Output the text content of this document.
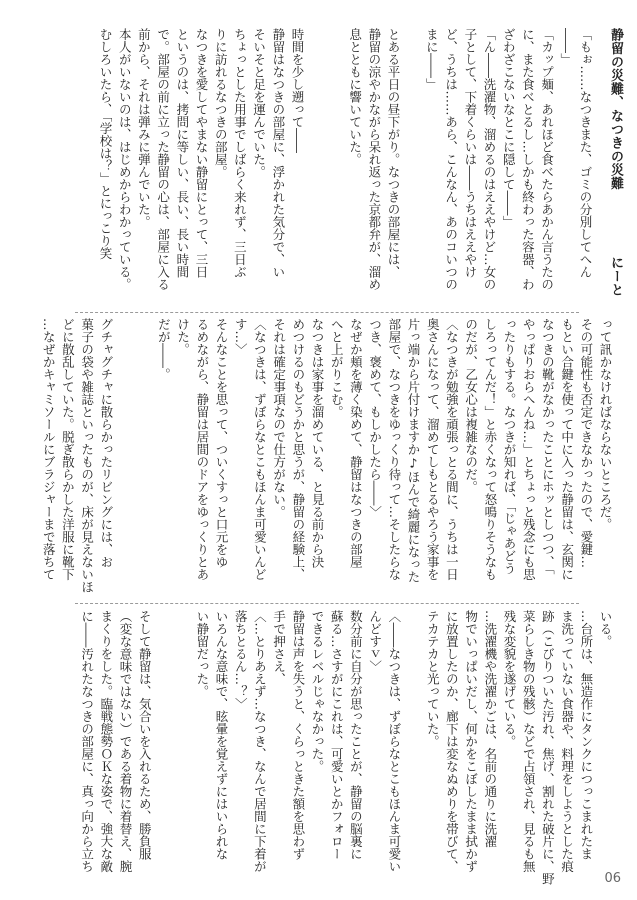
静留の災難、なつきの災難
にーと
「もぉ……なつきまた、ゴミの分別してへん
――」
「カップ麺、あれほど食べたらあかん言うたの
に、また食べとるし…しかも終わった容器、わ
ざわざこないなとこに隠して――」
「ん――洗濯物、溜めるのはええやけど…女の
子として、下着くらいは――うちはええやけ
ど、うちは……あら、こんなん、あのコいつの
まに――」
とある平日の昼下がり。なつきの部屋には、
静留の涼やかながら呆れ返った京都弁が、溜め
息とともに響いていた。
時間を少し遡って――
静留はなつきの部屋に、浮かれた気分で、い
そいそと足を運んでいた。
ちょっとした用事でしばらく来れず、三日ぶ
りに訪れるなつきの部屋。
なつきを愛してやまない静留にとって、三日
というのは、拷問に等しい、長い、長い時間
で。部屋の前に立った静留の心は、部屋に入る
前から、それは弾みに弾んでいた。
本人がいないのは、はじめからわかっている。
むしろいたら、「学校は？」とにっこり笑
って訊かなければならないところだ。
その可能性も否定できなかったので、愛鍵…
もとい合鍵を使って中に入った静留は、玄関に
なつきの靴がなかったことにホッとしつつ、「
やっぱりおらへんね…」とちょっと残念にも思
ったりもする。なつきが知れば、「じゃあどう
しろってんだ！」と赤くなって怒鳴りそうなも
のだが、乙女心は複雑なのだ。
〈なつきが勉強を頑張っとる間に、うちは一日
奥さんになって、溜めてしもとるやろう家事を
片っ端から片付けますか♪ほんで綺麗になった
部屋で、なつきをゆっくり待って…そしたらな
つき、褒めて、もしかしたら――〉
なぜか頬を薄く染めて、静留はなつきの部屋
へと上がりこむ。
なつきは家事を溜めている、と見る前から決
めつけるのもどうかと思うが、静留の経験上、
それは確定事項なので仕方がない。
〈なつきは、ずぼらなとこもほんま可愛いんど
す…〉
そんなことを思って、ついくすっと口元をゆ
るめながら、静留は居間のドアをゆっくりとあ
けた。
だが――。
グチャグチャに散らかったリビングには、お
菓子の袋や雑誌といったものが、床が見えないほ
どに散乱していた。脱ぎ散らかした洋服に靴下
…なぜかキャミソールにブラジャーまで落ちて
いる。
…台所は、無造作にタンクにつっこまれたま
ま洗っていない食器や、料理をしようとした痕
跡（こびりついた汚れ、焦げ、割れた破片に、野
菜らしき物の残骸）などで占領され、見るも無
残な変貌を遂げている。
…洗濯機や洗濯かごは、名前の通りに洗濯
物でいっぱいだし、何かをこぼしたまま拭かず
に放置したのか、廊下は変なぬめりを帯びて、
テカテカと光っていた。
〈――なつきは、ずぼらなとこもほんま可愛い
んどすｖ〉
数分前に自分が思ったことが、静留の脳裏に
蘇る…さすがにこれは、可愛いとかフォロー
できるレベルじゃなかった。
静留は声を失うと、くらっときた額を思わず
手で押さえ、
〈…とりあえず…なつき、なんで居間に下着が
落ちとるん…？〉
いろんな意味で、眩暈を覚えずにはいられな
い静留だった。
そして静留は、気合いを入れるため、勝負服
（変な意味ではない）である着物に着替え、腕
まくりをした。臨戦態勢ＯＫな姿で、強大な敵
に――汚れたなつきの部屋に、真っ向から立ち
06
